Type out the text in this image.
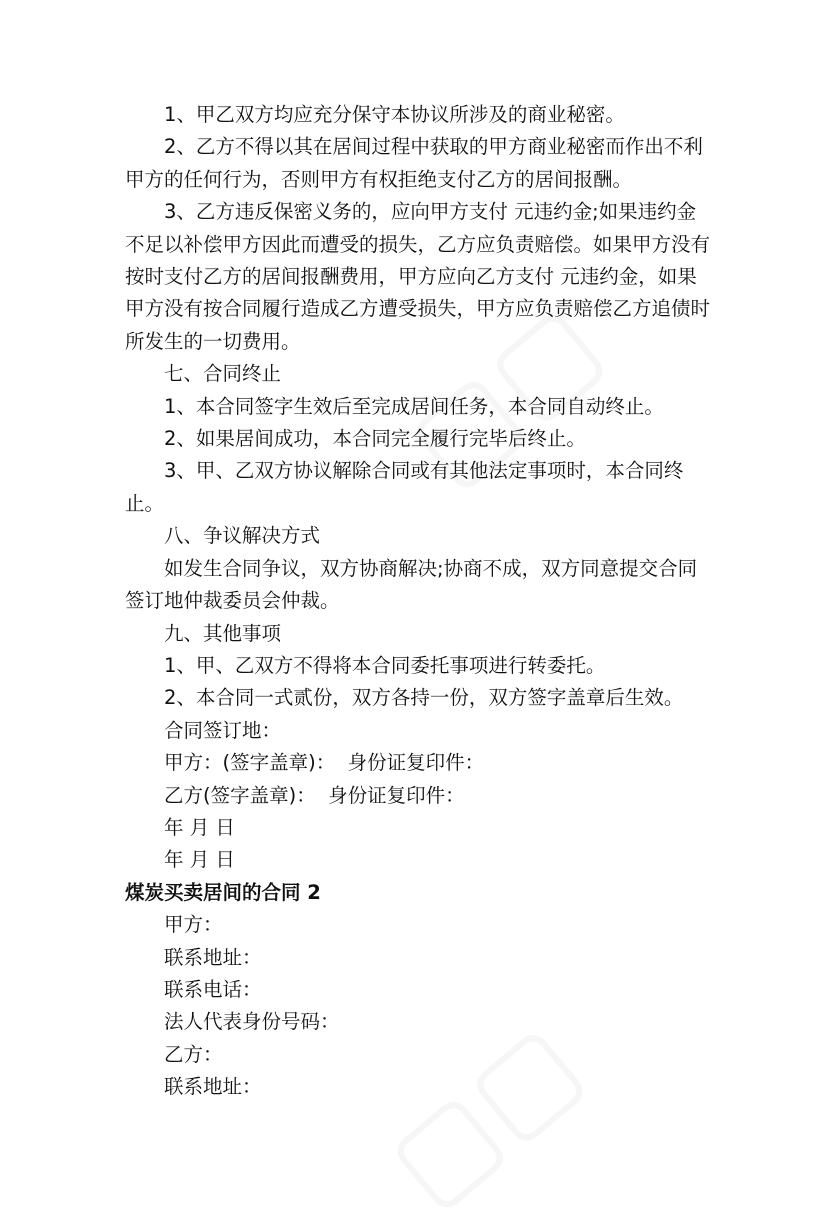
1、甲乙双方均应充分保守本协议所涉及的商业秘密。

2、乙方不得以其在居间过程中获取的甲方商业秘密而作出不利甲方的任何行为，否则甲方有权拒绝支付乙方的居间报酬。

3、乙方违反保密义务的，应向甲方支付 元违约金;如果违约金不足以补偿甲方因此而遭受的损失，乙方应负责赔偿。如果甲方没有按时支付乙方的居间报酬费用，甲方应向乙方支付 元违约金，如果甲方没有按合同履行造成乙方遭受损失，甲方应负责赔偿乙方追债时所发生的一切费用。

七、合同终止

1、本合同签字生效后至完成居间任务，本合同自动终止。

2、如果居间成功，本合同完全履行完毕后终止。

3、甲、乙双方协议解除合同或有其他法定事项时，本合同终止。

八、争议解决方式

如发生合同争议，双方协商解决;协商不成，双方同意提交合同签订地仲裁委员会仲裁。

九、其他事项

1、甲、乙双方不得将本合同委托事项进行转委托。

2、本合同一式贰份，双方各持一份，双方签字盖章后生效。

合同签订地：

甲方：(签字盖章)：  身份证复印件：

乙方(签字盖章)：  身份证复印件：

年 月 日

年 月 日

煤炭买卖居间的合同 2

甲方：

联系地址：

联系电话：

法人代表身份号码：

乙方：

联系地址：
